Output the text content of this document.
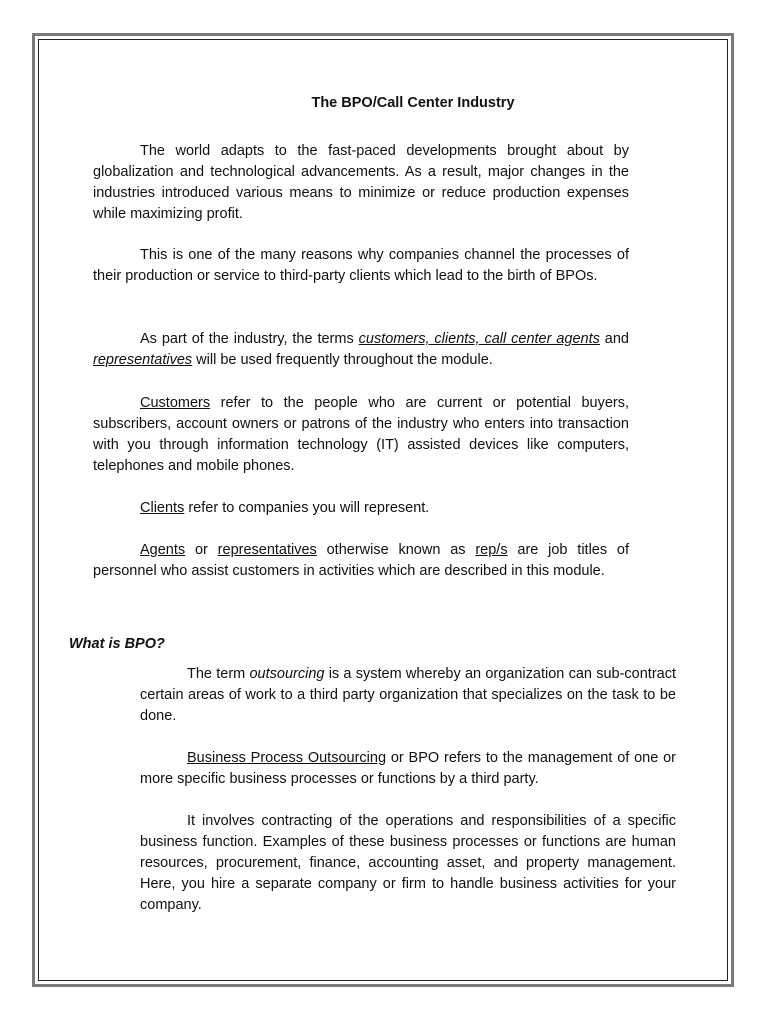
The BPO/Call Center Industry

The world adapts to the fast-paced developments brought about by globalization and technological advancements. As a result, major changes in the industries introduced various means to minimize or reduce production expenses while maximizing profit.

This is one of the many reasons why companies channel the processes of their production or service to third-party clients which lead to the birth of BPOs.

As part of the industry, the terms customers, clients, call center agents and representatives will be used frequently throughout the module.

Customers refer to the people who are current or potential buyers, subscribers, account owners or patrons of the industry who enters into transaction with you through information technology (IT) assisted devices like computers, telephones and mobile phones.

Clients refer to companies you will represent.

Agents or representatives otherwise known as rep/s are job titles of personnel who assist customers in activities which are described in this module.

What is BPO?

The term outsourcing is a system whereby an organization can sub-contract certain areas of work to a third party organization that specializes on the task to be done.

Business Process Outsourcing or BPO refers to the management of one or more specific business processes or functions by a third party.

It involves contracting of the operations and responsibilities of a specific business function. Examples of these business processes or functions are human resources, procurement, finance, accounting asset, and property management. Here, you hire a separate company or firm to handle business activities for your company.
